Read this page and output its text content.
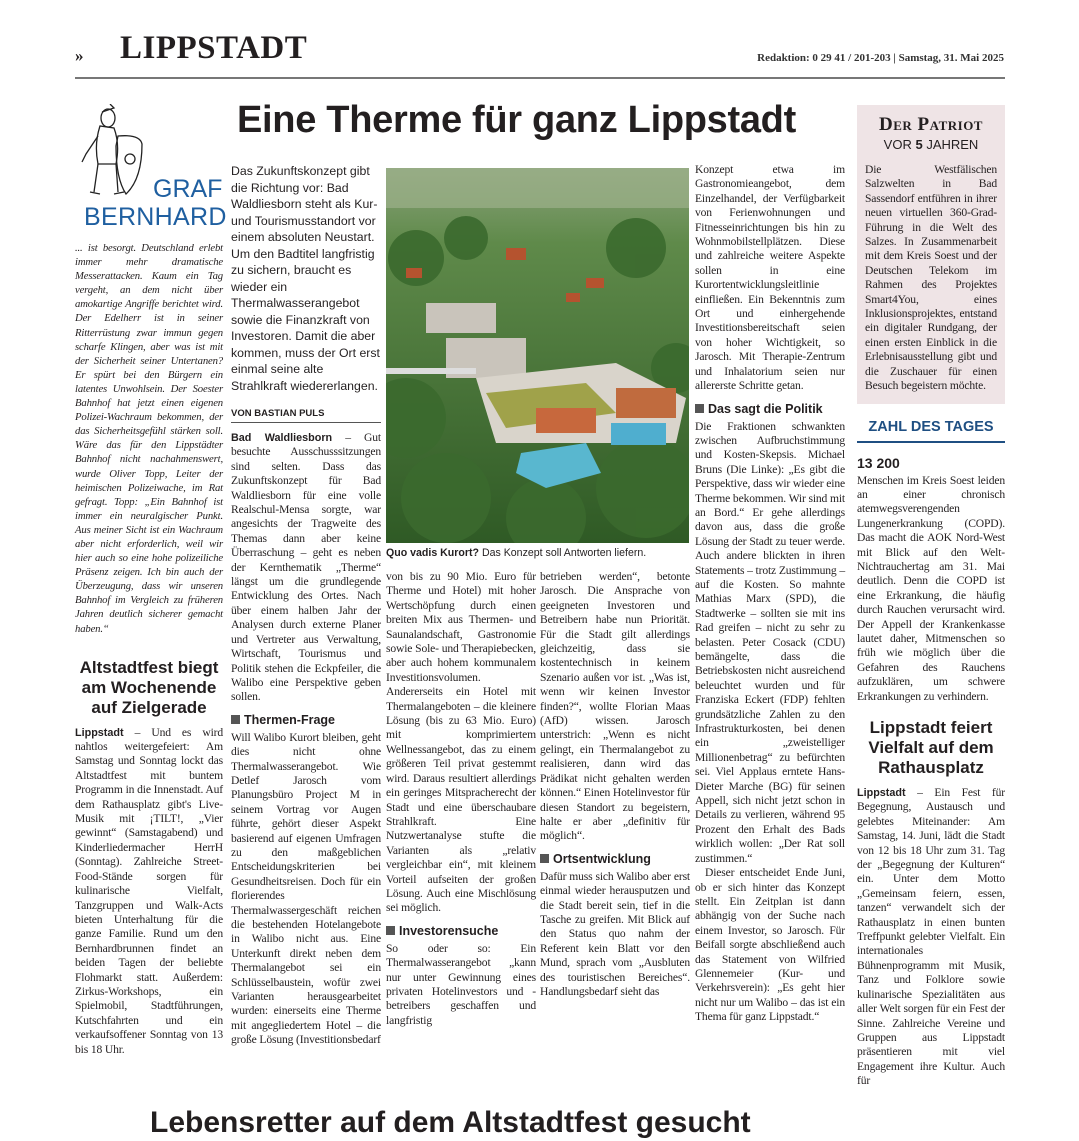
» LIPPSTADT	Redaktion: 0 29 41 / 201-203 | Samstag, 31. Mai 2025
GRAF
BERNHARD

... ist besorgt. Deutschland erlebt immer mehr dramatische Messerattacken. Kaum ein Tag vergeht, an dem nicht über amokartige Angriffe berichtet wird. Der Edelherr ist in seiner Ritterrüstung zwar immun gegen scharfe Klingen, aber was ist mit der Sicherheit seiner Untertanen? Er spürt bei den Bürgern ein latentes Unwohlsein. Der Soester Bahnhof hat jetzt einen eigenen Polizei-Wachraum bekommen, der das Sicherheitsgefühl stärken soll. Wäre das für den Lippstädter Bahnhof nicht nachahmenswert, wurde Oliver Topp, Leiter der heimischen Polizeiwache, im Rat gefragt. Topp: „Ein Bahnhof ist immer ein neuralgischer Punkt. Aus meiner Sicht ist ein Wachraum aber nicht erforderlich, weil wir hier auch so eine hohe polizeiliche Präsenz zeigen. Ich bin auch der Überzeugung, dass wir unseren Bahnhof im Vergleich zu früheren Jahren deutlich sicherer gemacht haben.“

Altstadtfest biegt am Wochenende auf Zielgerade

Lippstadt – Und es wird nahtlos weitergefeiert: Am Samstag und Sonntag lockt das Altstadtfest mit buntem Programm in die Innenstadt. Auf dem Rathausplatz gibt's Live-Musik mit ¡TILT!, „Vier gewinnt“ (Samstagabend) und Kinderliedermacher HerrH (Sonntag). Zahlreiche Street-Food-Stände sorgen für kulinarische Vielfalt, Tanzgruppen und Walk-Acts bieten Unterhaltung für die ganze Familie. Rund um den Bernhardbrunnen findet an beiden Tagen der beliebte Flohmarkt statt. Außerdem: Zirkus-Workshops, ein Spielmobil, Stadtführungen, Kutschfahrten und ein verkaufsoffener Sonntag von 13 bis 18 Uhr.

Eine Therme für ganz Lippstadt

Das Zukunftskonzept gibt die Richtung vor: Bad Waldliesborn steht als Kur- und Tourismusstandort vor einem absoluten Neustart. Um den Badtitel langfristig zu sichern, braucht es wieder ein Thermalwasserangebot sowie die Finanzkraft von Investoren. Damit die aber kommen, muss der Ort erst einmal seine alte Strahlkraft wiedererlangen.

VON BASTIAN PULS

Bad Waldliesborn – Gut besuchte Ausschusssitzungen sind selten. Dass das Zukunftskonzept für Bad Waldliesborn für eine volle Realschul-Mensa sorgte, war angesichts der Tragweite des Themas dann aber keine Überraschung – geht es neben der Kernthematik „Therme“ längst um die grundlegende Entwicklung des Ortes. Nach über einem halben Jahr der Analysen durch externe Planer und Vertreter aus Verwaltung, Wirtschaft, Tourismus und Politik stehen die Eckpfeiler, die Walibo eine Perspektive geben sollen.

Thermen-Frage

Will Walibo Kurort bleiben, geht dies nicht ohne Thermalwasserangebot. Wie Detlef Jarosch vom Planungsbüro Project M in seinem Vortrag vor Augen führte, gehört dieser Aspekt basierend auf eigenen Umfragen zu den maßgeblichen Entscheidungskriterien bei Gesundheitsreisen. Doch für ein florierendes Thermalwassergeschäft reichen die bestehenden Hotelangebote in Walibo nicht aus. Eine Unterkunft direkt neben dem Thermalangebot sei ein Schlüsselbaustein, wofür zwei Varianten herausgearbeitet wurden: einerseits eine Therme mit angegliedertem Hotel – die große Lösung (Investitionsbedarf

Quo vadis Kurort? Das Konzept soll Antworten liefern.

von bis zu 90 Mio. Euro für Therme und Hotel) mit hoher Wertschöpfung durch einen breiten Mix aus Thermen- und Saunalandschaft, Gastronomie sowie Sole- und Therapiebecken, aber auch hohem kommunalem Investitionsvolumen. Andererseits ein Hotel mit Thermalangeboten – die kleinere Lösung (bis zu 63 Mio. Euro) mit komprimiertem Wellnessangebot, das zu einem größeren Teil privat gestemmt wird. Daraus resultiert allerdings ein geringes Mitspracherecht der Stadt und eine überschaubare Strahlkraft. Eine Nutzwertanalyse stufte die Varianten als „relativ vergleichbar ein“, mit kleinem Vorteil aufseiten der großen Lösung. Auch eine Mischlösung sei möglich.

Investorensuche

So oder so: Ein Thermalwasserangebot „kann nur unter Gewinnung eines privaten Hotelinvestors und -betreibers geschaffen und langfristig

betrieben werden“, betonte Jarosch. Die Ansprache von geeigneten Investoren und Betreibern habe nun Priorität. Für die Stadt gilt allerdings gleichzeitig, dass sie kostentechnisch in keinem Szenario außen vor ist. „Was ist, wenn wir keinen Investor finden?“, wollte Florian Maas (AfD) wissen. Jarosch unterstrich: „Wenn es nicht gelingt, ein Thermalangebot zu realisieren, dann wird das Prädikat nicht gehalten werden können.“ Einen Hotelinvestor für diesen Standort zu begeistern, halte er aber „definitiv für möglich“.

Ortsentwicklung

Dafür muss sich Walibo aber erst einmal wieder herausputzen und die Stadt bereit sein, tief in die Tasche zu greifen. Mit Blick auf den Status quo nahm der Referent kein Blatt vor den Mund, sprach vom „Ausbluten des touristischen Bereiches“. Handlungsbedarf sieht das

Konzept etwa im Gastronomieangebot, dem Einzelhandel, der Verfügbarkeit von Ferienwohnungen und Fitnesseinrichtungen bis hin zu Wohnmobilstellplätzen. Diese und zahlreiche weitere Aspekte sollen in eine Kurortentwicklungsleitlinie einfließen. Ein Bekenntnis zum Ort und einhergehende Investitionsbereitschaft seien von hoher Wichtigkeit, so Jarosch. Mit Therapie-Zentrum und Inhalatorium seien nur allererste Schritte getan.

Das sagt die Politik

Die Fraktionen schwankten zwischen Aufbruchstimmung und Kosten-Skepsis. Michael Bruns (Die Linke): „Es gibt die Perspektive, dass wir wieder eine Therme bekommen. Wir sind mit an Bord.“ Er gehe allerdings davon aus, dass die große Lösung der Stadt zu teuer werde. Auch andere blickten in ihren Statements – trotz Zustimmung – auf die Kosten. So mahnte Mathias Marx (SPD), die Stadtwerke – sollten sie mit ins Rad greifen – nicht zu sehr zu belasten. Peter Cosack (CDU) bemängelte, dass die Betriebskosten nicht ausreichend beleuchtet wurden und für Franziska Eckert (FDP) fehlten grundsätzliche Zahlen zu den Infrastrukturkosten, bei denen ein „zweistelliger Millionenbetrag“ zu befürchten sei. Viel Applaus erntete Hans-Dieter Marche (BG) für seinen Appell, sich nicht jetzt schon in Details zu verlieren, während 95 Prozent den Erhalt des Bads wirklich wollen: „Der Rat soll zustimmen.“

Dieser entscheidet Ende Juni, ob er sich hinter das Konzept stellt. Ein Zeitplan ist dann abhängig von der Suche nach einem Investor, so Jarosch. Für Beifall sorgte abschließend auch das Statement von Wilfried Glennemeier (Kur- und Verkehrsverein): „Es geht hier nicht nur um Walibo – das ist ein Thema für ganz Lippstadt.“

Der Patriot
VOR 5 JAHREN

Die Westfälischen Salzwelten in Bad Sassendorf entführen in ihrer neuen virtuellen 360-Grad-Führung in die Welt des Salzes. In Zusammenarbeit mit dem Kreis Soest und der Deutschen Telekom im Rahmen des Projektes Smart4You, eines Inklusionsprojektes, entstand ein digitaler Rundgang, der einen ersten Einblick in die Erlebnisausstellung gibt und die Zuschauer für einen Besuch begeistern möchte.

ZAHL DES TAGES
13 200

Menschen im Kreis Soest leiden an einer chronisch atemwegsverengenden Lungenerkrankung (COPD). Das macht die AOK Nord-West mit Blick auf den Welt-Nichtrauchertag am 31. Mai deutlich. Denn die COPD ist eine Erkrankung, die häufig durch Rauchen verursacht wird. Der Appell der Krankenkasse lautet daher, Mitmenschen so früh wie möglich über die Gefahren des Rauchens aufzuklären, um schwere Erkrankungen zu verhindern.

Lippstadt feiert Vielfalt auf dem Rathausplatz

Lippstadt – Ein Fest für Begegnung, Austausch und gelebtes Miteinander: Am Samstag, 14. Juni, lädt die Stadt von 12 bis 18 Uhr zum 31. Tag der „Begegnung der Kulturen“ ein. Unter dem Motto „Gemeinsam feiern, essen, tanzen“ verwandelt sich der Rathausplatz in einen bunten Treffpunkt gelebter Vielfalt. Ein internationales Bühnenprogramm mit Musik, Tanz und Folklore sowie kulinarische Spezialitäten aus aller Welt sorgen für ein Fest der Sinne. Zahlreiche Vereine und Gruppen aus Lippstadt präsentieren mit viel Engagement ihre Kultur. Auch für

Lebensretter auf dem Altstadtfest gesucht
